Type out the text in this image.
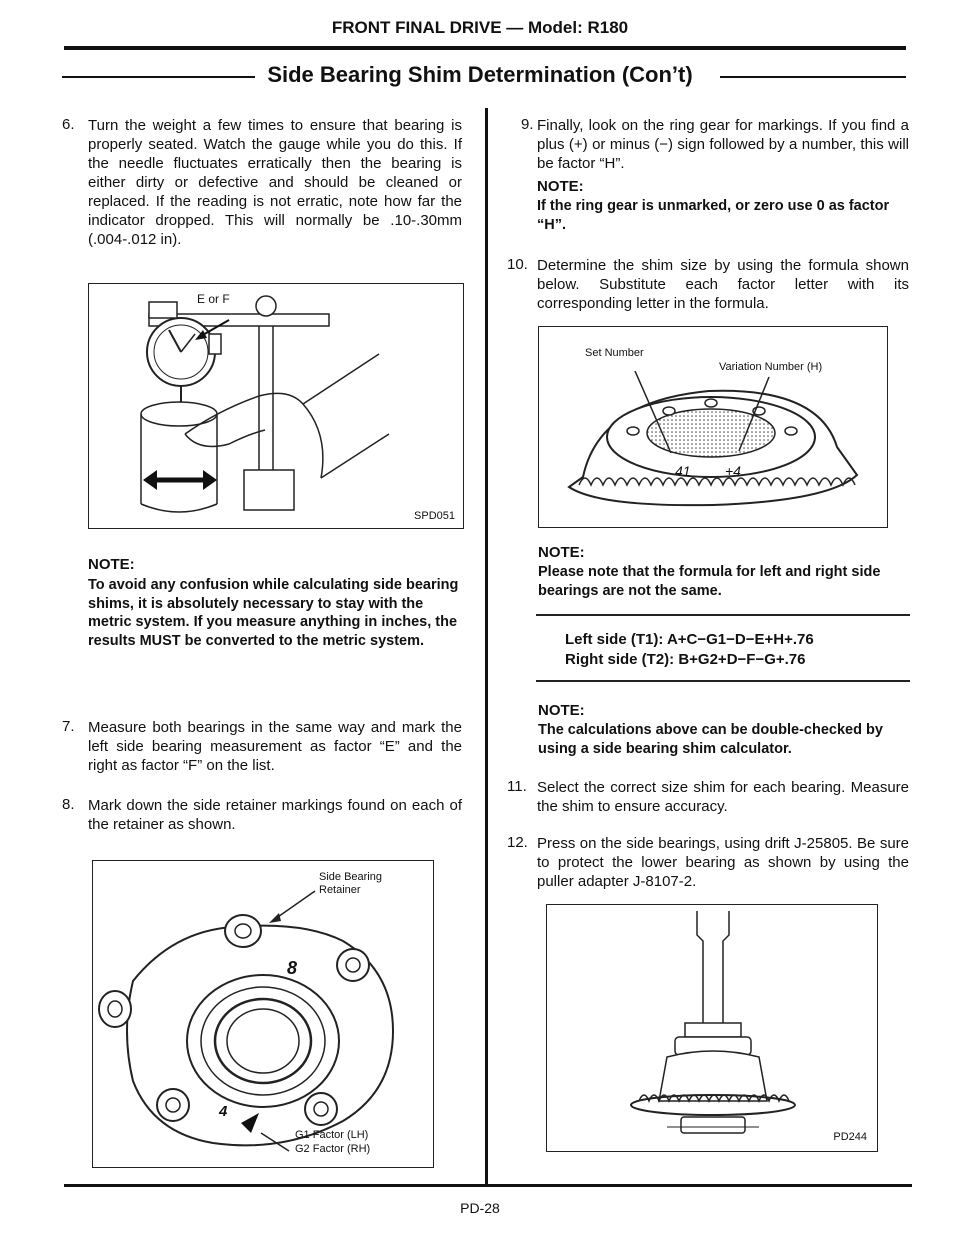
FRONT FINAL DRIVE — Model: R180
Side Bearing Shim Determination (Con’t)
6. Turn the weight a few times to ensure that bearing is properly seated. Watch the gauge while you do this. If the needle fluctuates erratically then the bearing is either dirty or defective and should be cleaned or replaced. If the reading is not erratic, note how far the indicator dropped. This will normally be .10-.30mm (.004-.012 in).
E or F
SPD051
NOTE:
To avoid any confusion while calculating side bearing shims, it is absolutely necessary to stay with the metric system. If you measure anything in inches, the results MUST be converted to the metric system.
7. Measure both bearings in the same way and mark the left side bearing measurement as factor “E” and the right as factor “F” on the list.
8. Mark down the side retainer markings found on each of the retainer as shown.
Side Bearing
Retainer
8
4
G1 Factor (LH)
G2 Factor (RH)
9. Finally, look on the ring gear for markings. If you find a plus (+) or minus (−) sign followed by a number, this will be factor “H”.
NOTE:
If the ring gear is unmarked, or zero use 0 as factor “H”.
10. Determine the shim size by using the formula shown below. Substitute each factor letter with its corresponding letter in the formula.
Set Number
Variation Number (H)
41 +4
NOTE:
Please note that the formula for left and right side bearings are not the same.
Left side (T1): A+C−G1−D−E+H+.76
Right side (T2): B+G2+D−F−G+.76
NOTE:
The calculations above can be double-checked by using a side bearing shim calculator.
11. Select the correct size shim for each bearing. Measure the shim to ensure accuracy.
12. Press on the side bearings, using drift J-25805. Be sure to protect the lower bearing as shown by using the puller adapter J-8107-2.
PD244
PD-28
